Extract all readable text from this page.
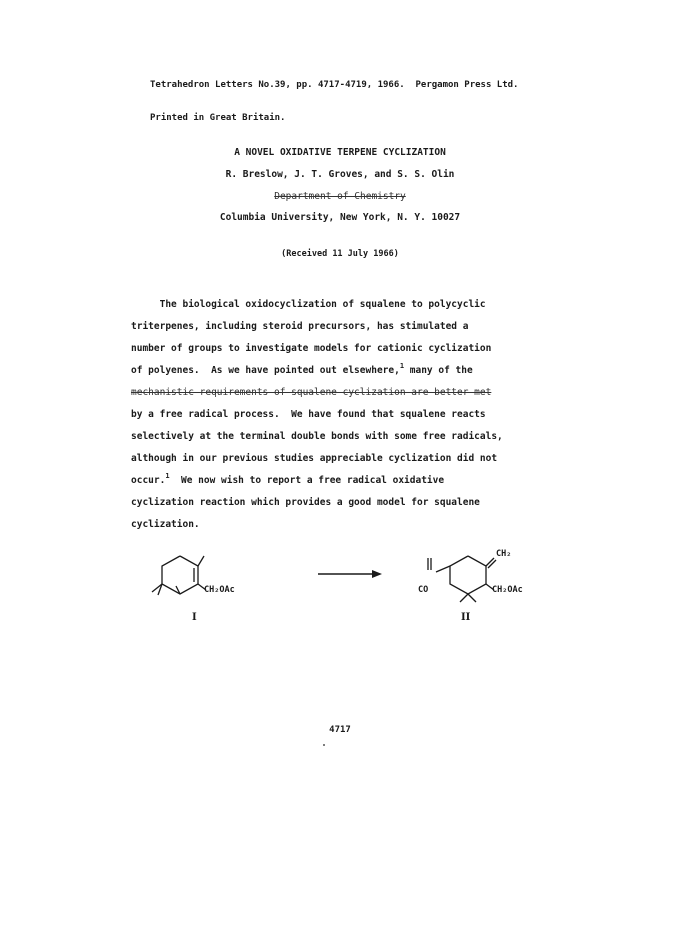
Tetrahedron Letters No.39, pp. 4717-4719, 1966.  Pergamon Press Ltd.

Printed in Great Britain.

A NOVEL OXIDATIVE TERPENE CYCLIZATION
R. Breslow, J. T. Groves, and S. S. Olin
Department of Chemistry
Columbia University, New York, N. Y. 10027
(Received 11 July 1966)
The biological oxidocyclization of squalene to polycyclic
triterpenes, including steroid precursors, has stimulated a
number of groups to investigate models for cationic cyclization
of polyenes.  As we have pointed out elsewhere,$^1$ many of the
mechanistic requirements of squalene cyclization are better met
by a free radical process.  We have found that squalene reacts
selectively at the terminal double bonds with some free radicals,
although in our previous studies appreciable cyclization did not
occur.$^1$  We now wish to report a free radical oxidative
cyclization reaction which provides a good model for squalene
cyclization.
CH₂OAc
I
CH₂
CO	CH₂OAc
II
4717
